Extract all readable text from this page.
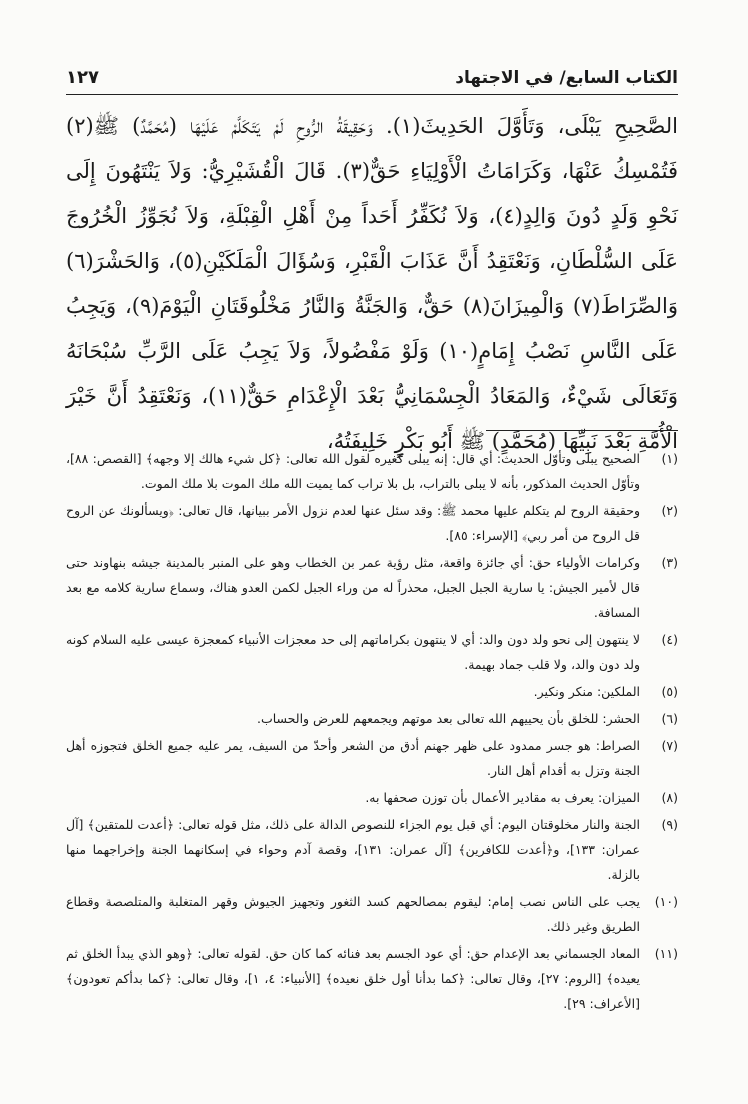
الكتاب السابع/ في الاجتهاد
١٢٧

الصَّحِيحِ يَبْلَى، وَتَأَوَّلَ الحَدِيثَ(١). وَحَقِيقَةُ الرُّوحِ لَمْ يَتَكَلَّمْ عَلَيْهَا (مُحَمَّدٌ) ﷺ(٢) فَتُمْسِكُ عَنْهَا، وَكَرَامَاتُ الْأَوْلِيَاءِ حَقٌّ(٣). قَالَ الْقُشَيْرِيُّ: وَلاَ يَنْتَهُونَ إِلَى نَحْوِ وَلَدٍ دُونَ وَالِدٍ(٤)، وَلاَ نُكَفِّرُ أَحَداً مِنْ أَهْلِ الْقِبْلَةِ، وَلاَ نُجَوِّزُ الْخُرُوجَ عَلَى السُّلْطَانِ، وَنَعْتَقِدُ أَنَّ عَذَابَ الْقَبْرِ، وَسُؤَالَ الْمَلَكَيْنِ(٥)، وَالحَشْرَ(٦) وَالصِّرَاطَ(٧) وَالْمِيزَانَ(٨) حَقٌّ، وَالجَنَّةُ وَالنَّارُ مَخْلُوقَتَانِ الْيَوْمَ(٩)، وَيَجِبُ عَلَى النَّاسِ نَصْبُ إِمَامٍ(١٠) وَلَوْ مَفْضُولاً، وَلاَ يَجِبُ عَلَى الرَّبِّ سُبْحَانَهُ وَتَعَالَى شَيْءٌ، وَالمَعَادُ الْجِسْمَانِيُّ بَعْدَ الْإِعْدَامِ حَقٌّ(١١)، وَنَعْتَقِدُ أَنَّ خَيْرَ الْأُمَّةِ بَعْدَ نَبِيِّهَا (مُحَمَّدٍ) ﷺ أَبُو بَكْرٍ خَلِيفَتُهُ،

(١)
الصحيح يبلى وتأوّل الحديث: أي قال: إنه يبلى كغيره لقول الله تعالى: ﴿كل شيء هالك إلا وجهه﴾ [القصص: ٨٨]، وتأوّل الحديث المذكور، بأنه لا يبلى بالتراب، بل بلا تراب كما يميت الله ملك الموت بلا ملك الموت.
(٢)
وحقيقة الروح لم يتكلم عليها محمد ﷺ: وقد سئل عنها لعدم نزول الأمر ببيانها، قال تعالى: ﴿ويسألونك عن الروح قل الروح من أمر ربي﴾ [الإسراء: ٨٥].
(٣)
وكرامات الأولياء حق: أي جائزة واقعة، مثل رؤية عمر بن الخطاب وهو على المنبر بالمدينة جيشه بنهاوند حتى قال لأمير الجيش: يا سارية الجبل الجبل، محذراً له من وراء الجبل لكمن العدو هناك، وسماع سارية كلامه مع بعد المسافة.
(٤)
لا ينتهون إلى نحو ولد دون والد: أي لا ينتهون بكراماتهم إلى حد معجزات الأنبياء كمعجزة عيسى عليه السلام كونه ولد دون والد، ولا قلب جماد بهيمة.
(٥)
الملكين: منكر ونكير.
(٦)
الحشر: للخلق بأن يحييهم الله تعالى بعد موتهم ويجمعهم للعرض والحساب.
(٧)
الصراط: هو جسر ممدود على ظهر جهنم أدق من الشعر وأحدّ من السيف، يمر عليه جميع الخلق فتجوزه أهل الجنة وتزل به أقدام أهل النار.
(٨)
الميزان: يعرف به مقادير الأعمال بأن توزن صحفها به.
(٩)
الجنة والنار مخلوقتان اليوم: أي قبل يوم الجزاء للنصوص الدالة على ذلك، مثل قوله تعالى: ﴿أعدت للمتقين﴾ [آل عمران: ١٣٣]، و﴿أعدت للكافرين﴾ [آل عمران: ١٣١]، وقصة آدم وحواء في إسكانهما الجنة وإخراجهما منها بالزلة.
(١٠)
يجب على الناس نصب إمام: ليقوم بمصالحهم كسد الثغور وتجهيز الجيوش وقهر المتغلبة والمتلصصة وقطاع الطريق وغير ذلك.
(١١)
المعاد الجسماني بعد الإعدام حق: أي عود الجسم بعد فنائه كما كان حق. لقوله تعالى: ﴿وهو الذي يبدأ الخلق ثم يعيده﴾ [الروم: ٢٧]، وقال تعالى: ﴿كما بدأنا أول خلق نعيده﴾ [الأنبياء: ٤، ١]، وقال تعالى: ﴿كما بدأكم تعودون﴾ [الأعراف: ٢٩].
